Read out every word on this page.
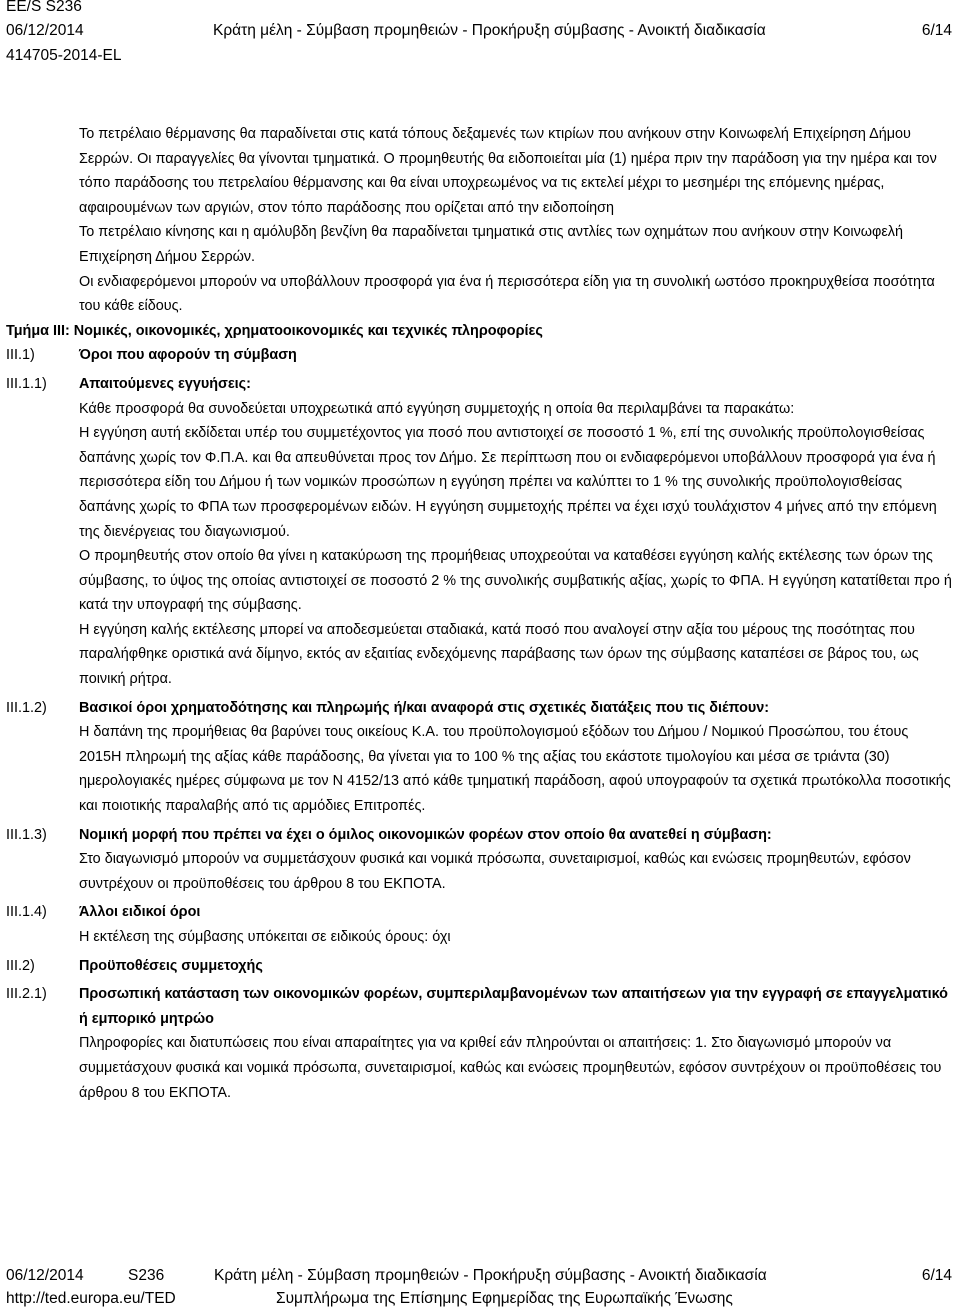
EE/S S236
06/12/2014	Κράτη μέλη - Σύμβαση προμηθειών - Προκήρυξη σύμβασης - Ανοικτή διαδικασία	6/14
414705-2014-EL

Το πετρέλαιο θέρμανσης θα παραδίνεται στις κατά τόπους δεξαμενές των κτιρίων που ανήκουν στην Κοινωφελή Επιχείρηση Δήμου Σερρών. Οι παραγγελίες θα γίνονται τμηματικά. Ο προμηθευτής θα ειδοποιείται μία (1) ημέρα πριν την παράδοση για την ημέρα και τον τόπο παράδοσης του πετρελαίου θέρμανσης και θα είναι υποχρεωμένος να τις εκτελεί μέχρι το μεσημέρι της επόμενης ημέρας, αφαιρουμένων των αργιών, στον τόπο παράδοσης που ορίζεται από την ειδοποίηση

Το πετρέλαιο κίνησης και η αμόλυβδη βενζίνη θα παραδίνεται τμηματικά στις αντλίες των οχημάτων που ανήκουν στην Κοινωφελή Επιχείρηση Δήμου Σερρών.

Οι ενδιαφερόμενοι μπορούν να υποβάλλουν προσφορά για ένα ή περισσότερα είδη για τη συνολική ωστόσο προκηρυχθείσα ποσότητα του κάθε είδους.

Τμήμα III: Νομικές, οικονομικές, χρηματοοικονομικές και τεχνικές πληροφορίες

III.1)	Όροι που αφορούν τη σύμβαση

III.1.1)	Απαιτούμενες εγγυήσεις:

Κάθε προσφορά θα συνοδεύεται υποχρεωτικά από εγγύηση συμμετοχής η οποία θα περιλαμβάνει τα παρακάτω:

Η εγγύηση αυτή εκδίδεται υπέρ του συμμετέχοντος για ποσό που αντιστοιχεί σε ποσοστό 1 %, επί της συνολικής προϋπολογισθείσας δαπάνης χωρίς τον Φ.Π.Α. και θα απευθύνεται προς τον Δήμο. Σε περίπτωση που οι ενδιαφερόμενοι υποβάλλουν προσφορά για ένα ή περισσότερα είδη του Δήμου ή των νομικών προσώπων η εγγύηση πρέπει να καλύπτει το 1 % της συνολικής προϋπολογισθείσας δαπάνης χωρίς το ΦΠΑ των προσφερομένων ειδών. Η εγγύηση συμμετοχής πρέπει να έχει ισχύ τουλάχιστον 4 μήνες από την επόμενη της διενέργειας του διαγωνισμού.

Ο προμηθευτής στον οποίο θα γίνει η κατακύρωση της προμήθειας υποχρεούται να καταθέσει εγγύηση καλής εκτέλεσης των όρων της σύμβασης, το ύψος της οποίας αντιστοιχεί σε ποσοστό 2 % της συνολικής συμβατικής αξίας, χωρίς το ΦΠΑ. Η εγγύηση κατατίθεται προ ή κατά την υπογραφή της σύμβασης.

Η εγγύηση καλής εκτέλεσης μπορεί να αποδεσμεύεται σταδιακά, κατά ποσό που αναλογεί στην αξία του μέρους της ποσότητας που παραλήφθηκε οριστικά ανά δίμηνο, εκτός αν εξαιτίας ενδεχόμενης παράβασης των όρων της σύμβασης καταπέσει σε βάρος του, ως ποινική ρήτρα.

III.1.2)	Βασικοί όροι χρηματοδότησης και πληρωμής ή/και αναφορά στις σχετικές διατάξεις που τις διέπουν:

Η δαπάνη της προμήθειας θα βαρύνει τους οικείους Κ.Α. του προϋπολογισμού εξόδων του Δήμου / Νομικού Προσώπου, του έτους 2015Η πληρωμή της αξίας κάθε παράδοσης, θα γίνεται για το 100 % της αξίας του εκάστοτε τιμολογίου και μέσα σε τριάντα (30) ημερολογιακές ημέρες σύμφωνα με τον Ν 4152/13 από κάθε τμηματική παράδοση, αφού υπογραφούν τα σχετικά πρωτόκολλα ποσοτικής και ποιοτικής παραλαβής από τις αρμόδιες Επιτροπές.

III.1.3)	Νομική μορφή που πρέπει να έχει ο όμιλος οικονομικών φορέων στον οποίο θα ανατεθεί η σύμβαση:

Στο διαγωνισμό μπορούν να συμμετάσχουν φυσικά και νομικά πρόσωπα, συνεταιρισμοί, καθώς και ενώσεις προμηθευτών, εφόσον συντρέχουν οι προϋποθέσεις του άρθρου 8 του ΕΚΠΟΤΑ.

III.1.4)	Άλλοι ειδικοί όροι

Η εκτέλεση της σύμβασης υπόκειται σε ειδικούς όρους: όχι

III.2)	Προϋποθέσεις συμμετοχής

III.2.1)	Προσωπική κατάσταση των οικονομικών φορέων, συμπεριλαμβανομένων των απαιτήσεων για την εγγραφή σε επαγγελματικό ή εμπορικό μητρώο

Πληροφορίες και διατυπώσεις που είναι απαραίτητες για να κριθεί εάν πληρούνται οι απαιτήσεις: 1. Στο διαγωνισμό μπορούν να συμμετάσχουν φυσικά και νομικά πρόσωπα, συνεταιρισμοί, καθώς και ενώσεις προμηθευτών, εφόσον συντρέχουν οι προϋποθέσεις του άρθρου 8 του ΕΚΠΟΤΑ.

06/12/2014	S236	Κράτη μέλη - Σύμβαση προμηθειών - Προκήρυξη σύμβασης - Ανοικτή διαδικασία	6/14
http://ted.europa.eu/TED	Συμπλήρωμα της Επίσημης Εφημερίδας της Ευρωπαϊκής Ένωσης
